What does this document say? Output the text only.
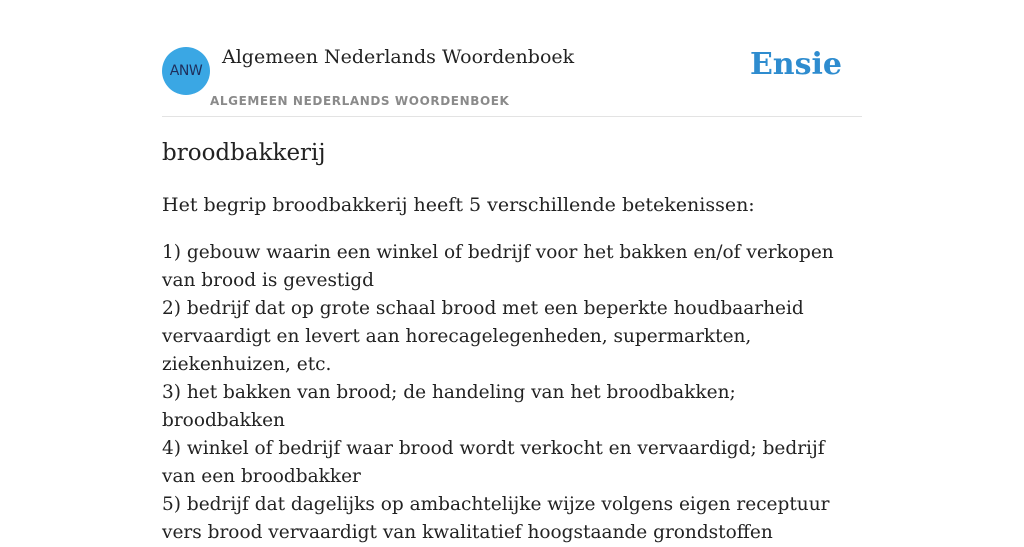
ANW
Algemeen Nederlands Woordenboek
ALGEMEEN NEDERLANDS WOORDENBOEK
Ensie
broodbakkerij

Het begrip broodbakkerij heeft 5 verschillende betekenissen:

1) gebouw waarin een winkel of bedrijf voor het bakken en/of verkopen van brood is gevestigd
2) bedrijf dat op grote schaal brood met een beperkte houdbaarheid vervaardigt en levert aan horecagelegenheden, supermarkten, ziekenhuizen, etc.
3) het bakken van brood; de handeling van het broodbakken; broodbakken
4) winkel of bedrijf waar brood wordt verkocht en vervaardigd; bedrijf van een broodbakker
5) bedrijf dat dagelijks op ambachtelijke wijze volgens eigen receptuur vers brood vervaardigt van kwalitatief hoogstaande grondstoffen
